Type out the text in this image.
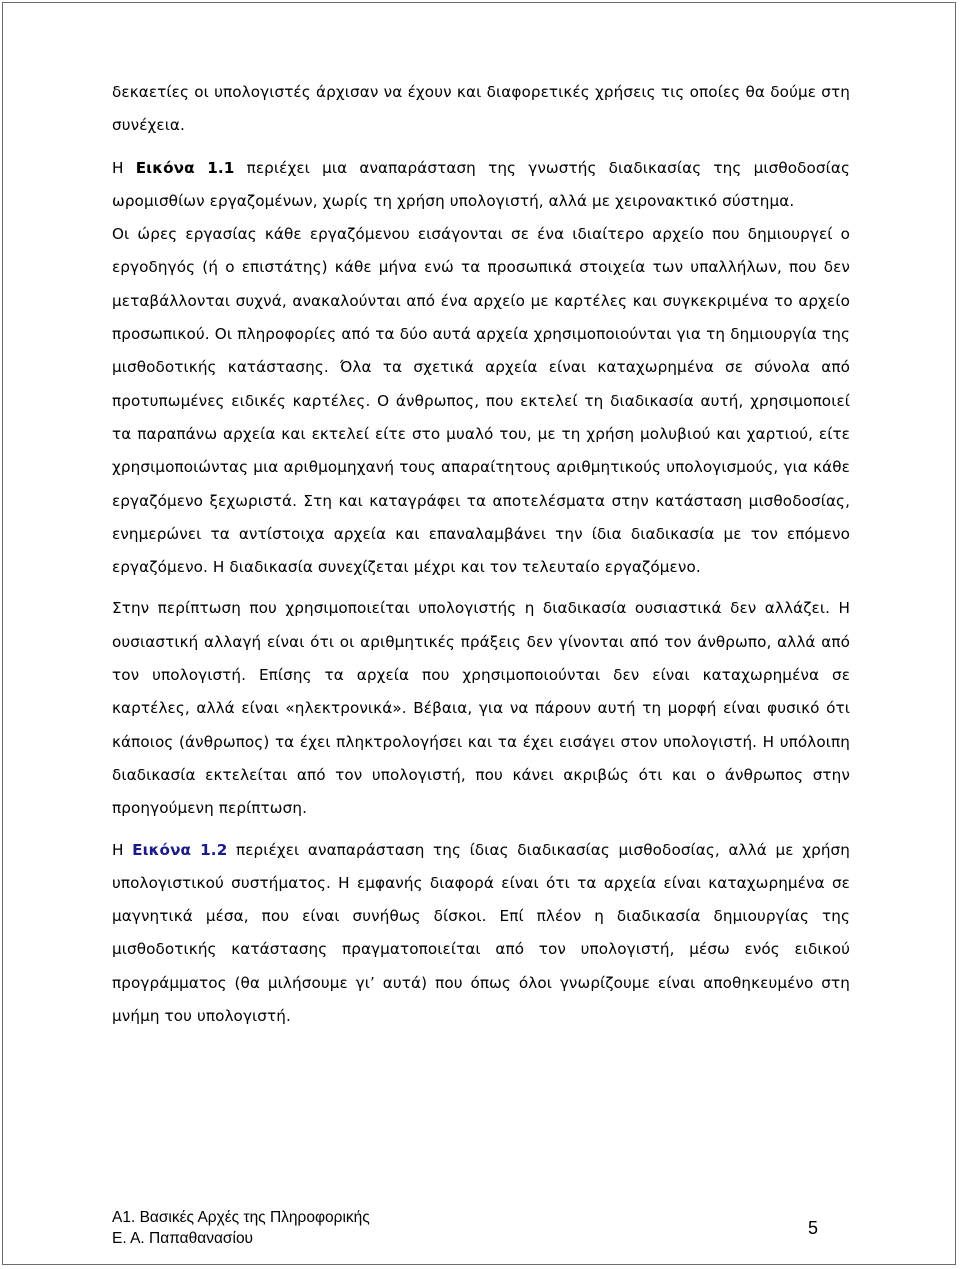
δεκαετίες οι υπολογιστές άρχισαν να έχουν και διαφορετικές χρήσεις τις οποίες θα δούμε στη συνέχεια.

Η Εικόνα 1.1 περιέχει μια αναπαράσταση της γνωστής διαδικασίας της μισθοδοσίας ωρομισθίων εργαζομένων, χωρίς τη χρήση υπολογιστή, αλλά με χειρονακτικό σύστημα.

Οι ώρες εργασίας κάθε εργαζόμενου εισάγονται σε ένα ιδιαίτερο αρχείο που δημιουργεί ο εργοδηγός (ή ο επιστάτης) κάθε μήνα ενώ τα προσωπικά στοιχεία των υπαλλήλων, που δεν μεταβάλλονται συχνά, ανακαλούνται από ένα αρχείο με καρτέλες και συγκεκριμένα το αρχείο προσωπικού. Οι πληροφορίες από τα δύο αυτά αρχεία χρησιμοποιούνται για τη δημιουργία της μισθοδοτικής κατάστασης. Όλα τα σχετικά αρχεία είναι καταχωρημένα σε σύνολα από προτυπωμένες ειδικές καρτέλες. Ο άνθρωπος, που εκτελεί τη διαδικασία αυτή, χρησιμοποιεί τα παραπάνω αρχεία και εκτελεί είτε στο μυαλό του, με τη χρήση μολυβιού και χαρτιού, είτε χρησιμοποιώντας μια αριθμομηχανή τους απαραίτητους αριθμητικούς υπολογισμούς, για κάθε εργαζόμενο ξεχωριστά. Στη και καταγράφει τα αποτελέσματα στην κατάσταση μισθοδοσίας, ενημερώνει τα αντίστοιχα αρχεία και επαναλαμβάνει την ίδια διαδικασία με τον επόμενο εργαζόμενο. Η διαδικασία συνεχίζεται μέχρι και τον τελευταίο εργαζόμενο.

Στην περίπτωση που χρησιμοποιείται υπολογιστής η διαδικασία ουσιαστικά δεν αλλάζει. Η ουσιαστική αλλαγή είναι ότι οι αριθμητικές πράξεις δεν γίνονται από τον άνθρωπο, αλλά από τον υπολογιστή. Επίσης τα αρχεία που χρησιμοποιούνται δεν είναι καταχωρημένα σε καρτέλες, αλλά είναι «ηλεκτρονικά». Βέβαια, για να πάρουν αυτή τη μορφή είναι φυσικό ότι κάποιος (άνθρωπος) τα έχει πληκτρολογήσει και τα έχει εισάγει στον υπολογιστή. Η υπόλοιπη διαδικασία εκτελείται από τον υπολογιστή, που κάνει ακριβώς ότι και ο άνθρωπος στην προηγούμενη περίπτωση.

Η Εικόνα 1.2 περιέχει αναπαράσταση της ίδιας διαδικασίας μισθοδοσίας, αλλά με χρήση υπολογιστικού συστήματος. Η εμφανής διαφορά είναι ότι τα αρχεία είναι καταχωρημένα σε μαγνητικά μέσα, που είναι συνήθως δίσκοι. Επί πλέον η διαδικασία δημιουργίας της μισθοδοτικής κατάστασης πραγματοποιείται από τον υπολογιστή, μέσω ενός ειδικού προγράμματος (θα μιλήσουμε γι’ αυτά) που όπως όλοι γνωρίζουμε είναι αποθηκευμένο στη μνήμη του υπολογιστή.

Α1. Βασικές Αρχές της Πληροφορικής
Ε. Α. Παπαθανασίου
5
